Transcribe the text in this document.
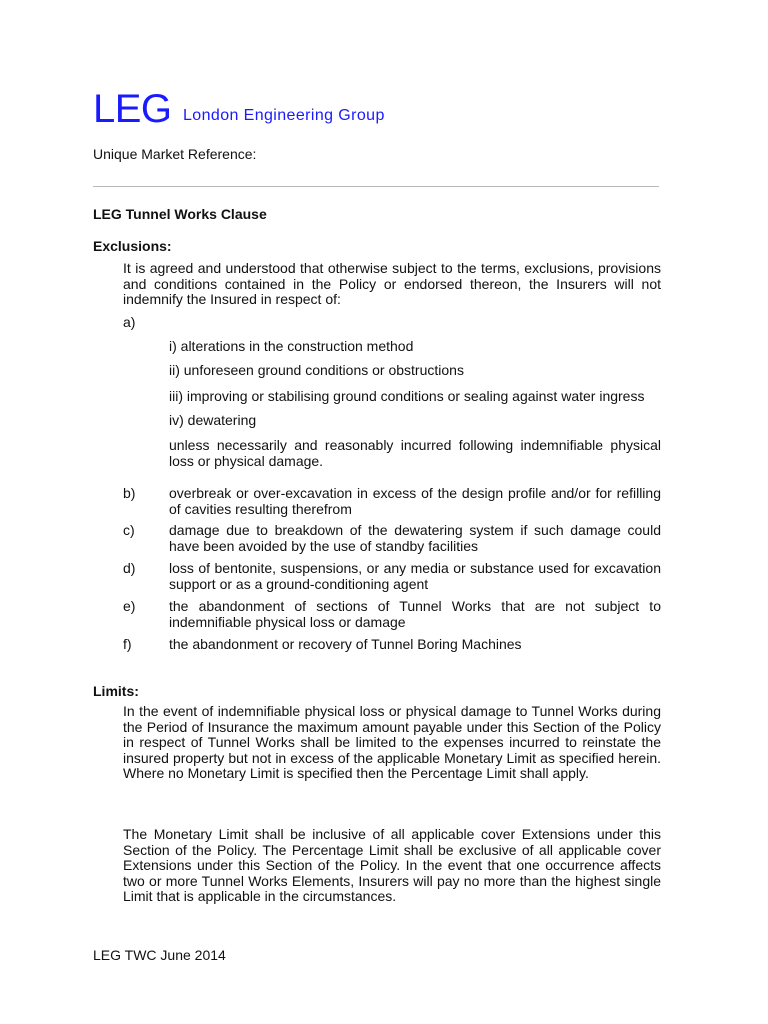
LEG London Engineering Group
Unique Market Reference:
LEG Tunnel Works Clause
Exclusions:

It is agreed and understood that otherwise subject to the terms, exclusions, provisions and conditions contained in the Policy or endorsed thereon, the Insurers will not indemnify the Insured in respect of:

a)
i) alterations in the construction method
ii) unforeseen ground conditions or obstructions
iii) improving or stabilising ground conditions or sealing against water ingress
iv) dewatering

unless necessarily and reasonably incurred following indemnifiable physical loss or physical damage.

b) overbreak or over-excavation in excess of the design profile and/or for refilling of cavities resulting therefrom

c) damage due to breakdown of the dewatering system if such damage could have been avoided by the use of standby facilities

d) loss of bentonite, suspensions, or any media or substance used for excavation support or as a ground-conditioning agent

e) the abandonment of sections of Tunnel Works that are not subject to indemnifiable physical loss or damage

f)	the abandonment or recovery of Tunnel Boring Machines

Limits:

In the event of indemnifiable physical loss or physical damage to Tunnel Works during the Period of Insurance the maximum amount payable under this Section of the Policy in respect of Tunnel Works shall be limited to the expenses incurred to reinstate the insured property but not in excess of the applicable Monetary Limit as specified herein. Where no Monetary Limit is specified then the Percentage Limit shall apply.

The Monetary Limit shall be inclusive of all applicable cover Extensions under this Section of the Policy. The Percentage Limit shall be exclusive of all applicable cover Extensions under this Section of the Policy. In the event that one occurrence affects two or more Tunnel Works Elements, Insurers will pay no more than the highest single Limit that is applicable in the circumstances.

LEG TWC June 2014
